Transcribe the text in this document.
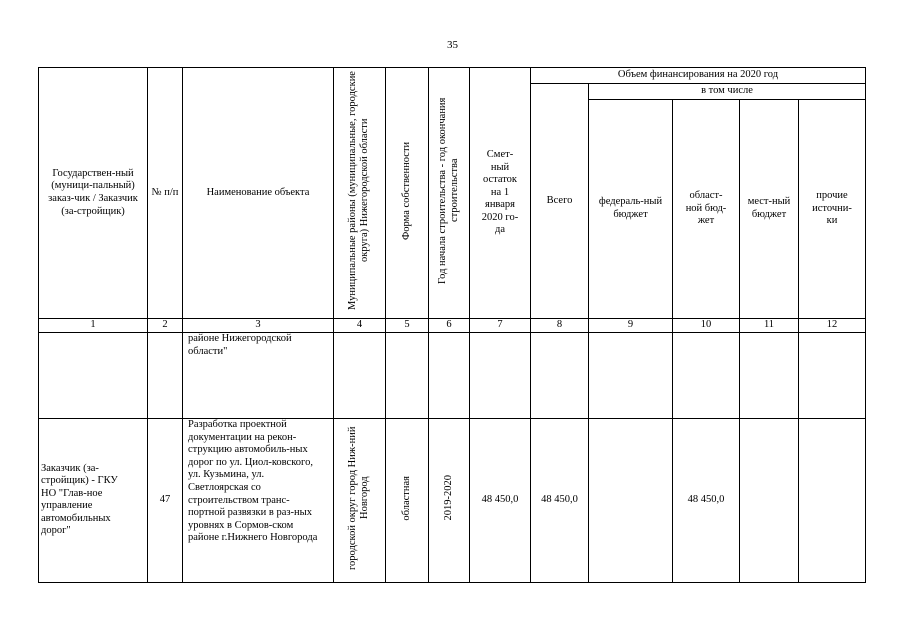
35
Государствен-ный (муници-пальный) заказ-чик / Заказчик (за-стройщик)	№ п/п	Наименование объекта	Муниципальные районы (муниципальные, городские округа) Нижегородской области	Форма собственности	Год начала строительства - год окончания строительства	Смет-ный остаток на 1 января 2020 го-да	Объем финансирования на 2020 год				
							Всего	в том числе			
								федераль-ный бюджет	област-ной бюд-жет	мест-ный бюджет	прочие источни-ки
1	2	3	4	5	6	7	8	9	10	11	12
		районе Нижегородской области"									
Заказчик (за-стройщик) - ГКУ НО "Глав-ное управление автомобильных дорог"	47	Разработка проектной документации на рекон-струкцию автомобиль-ных дорог по ул. Циол-ковского, ул. Кузьмина, ул. Светлоярская со строительством транс-портной развязки в раз-ных уровнях в Сормов-ском районе г.Нижнего Новгорода	городской округ город Ниж-ний Новгород	областная	2019-2020	48 450,0	48 450,0		48 450,0		
